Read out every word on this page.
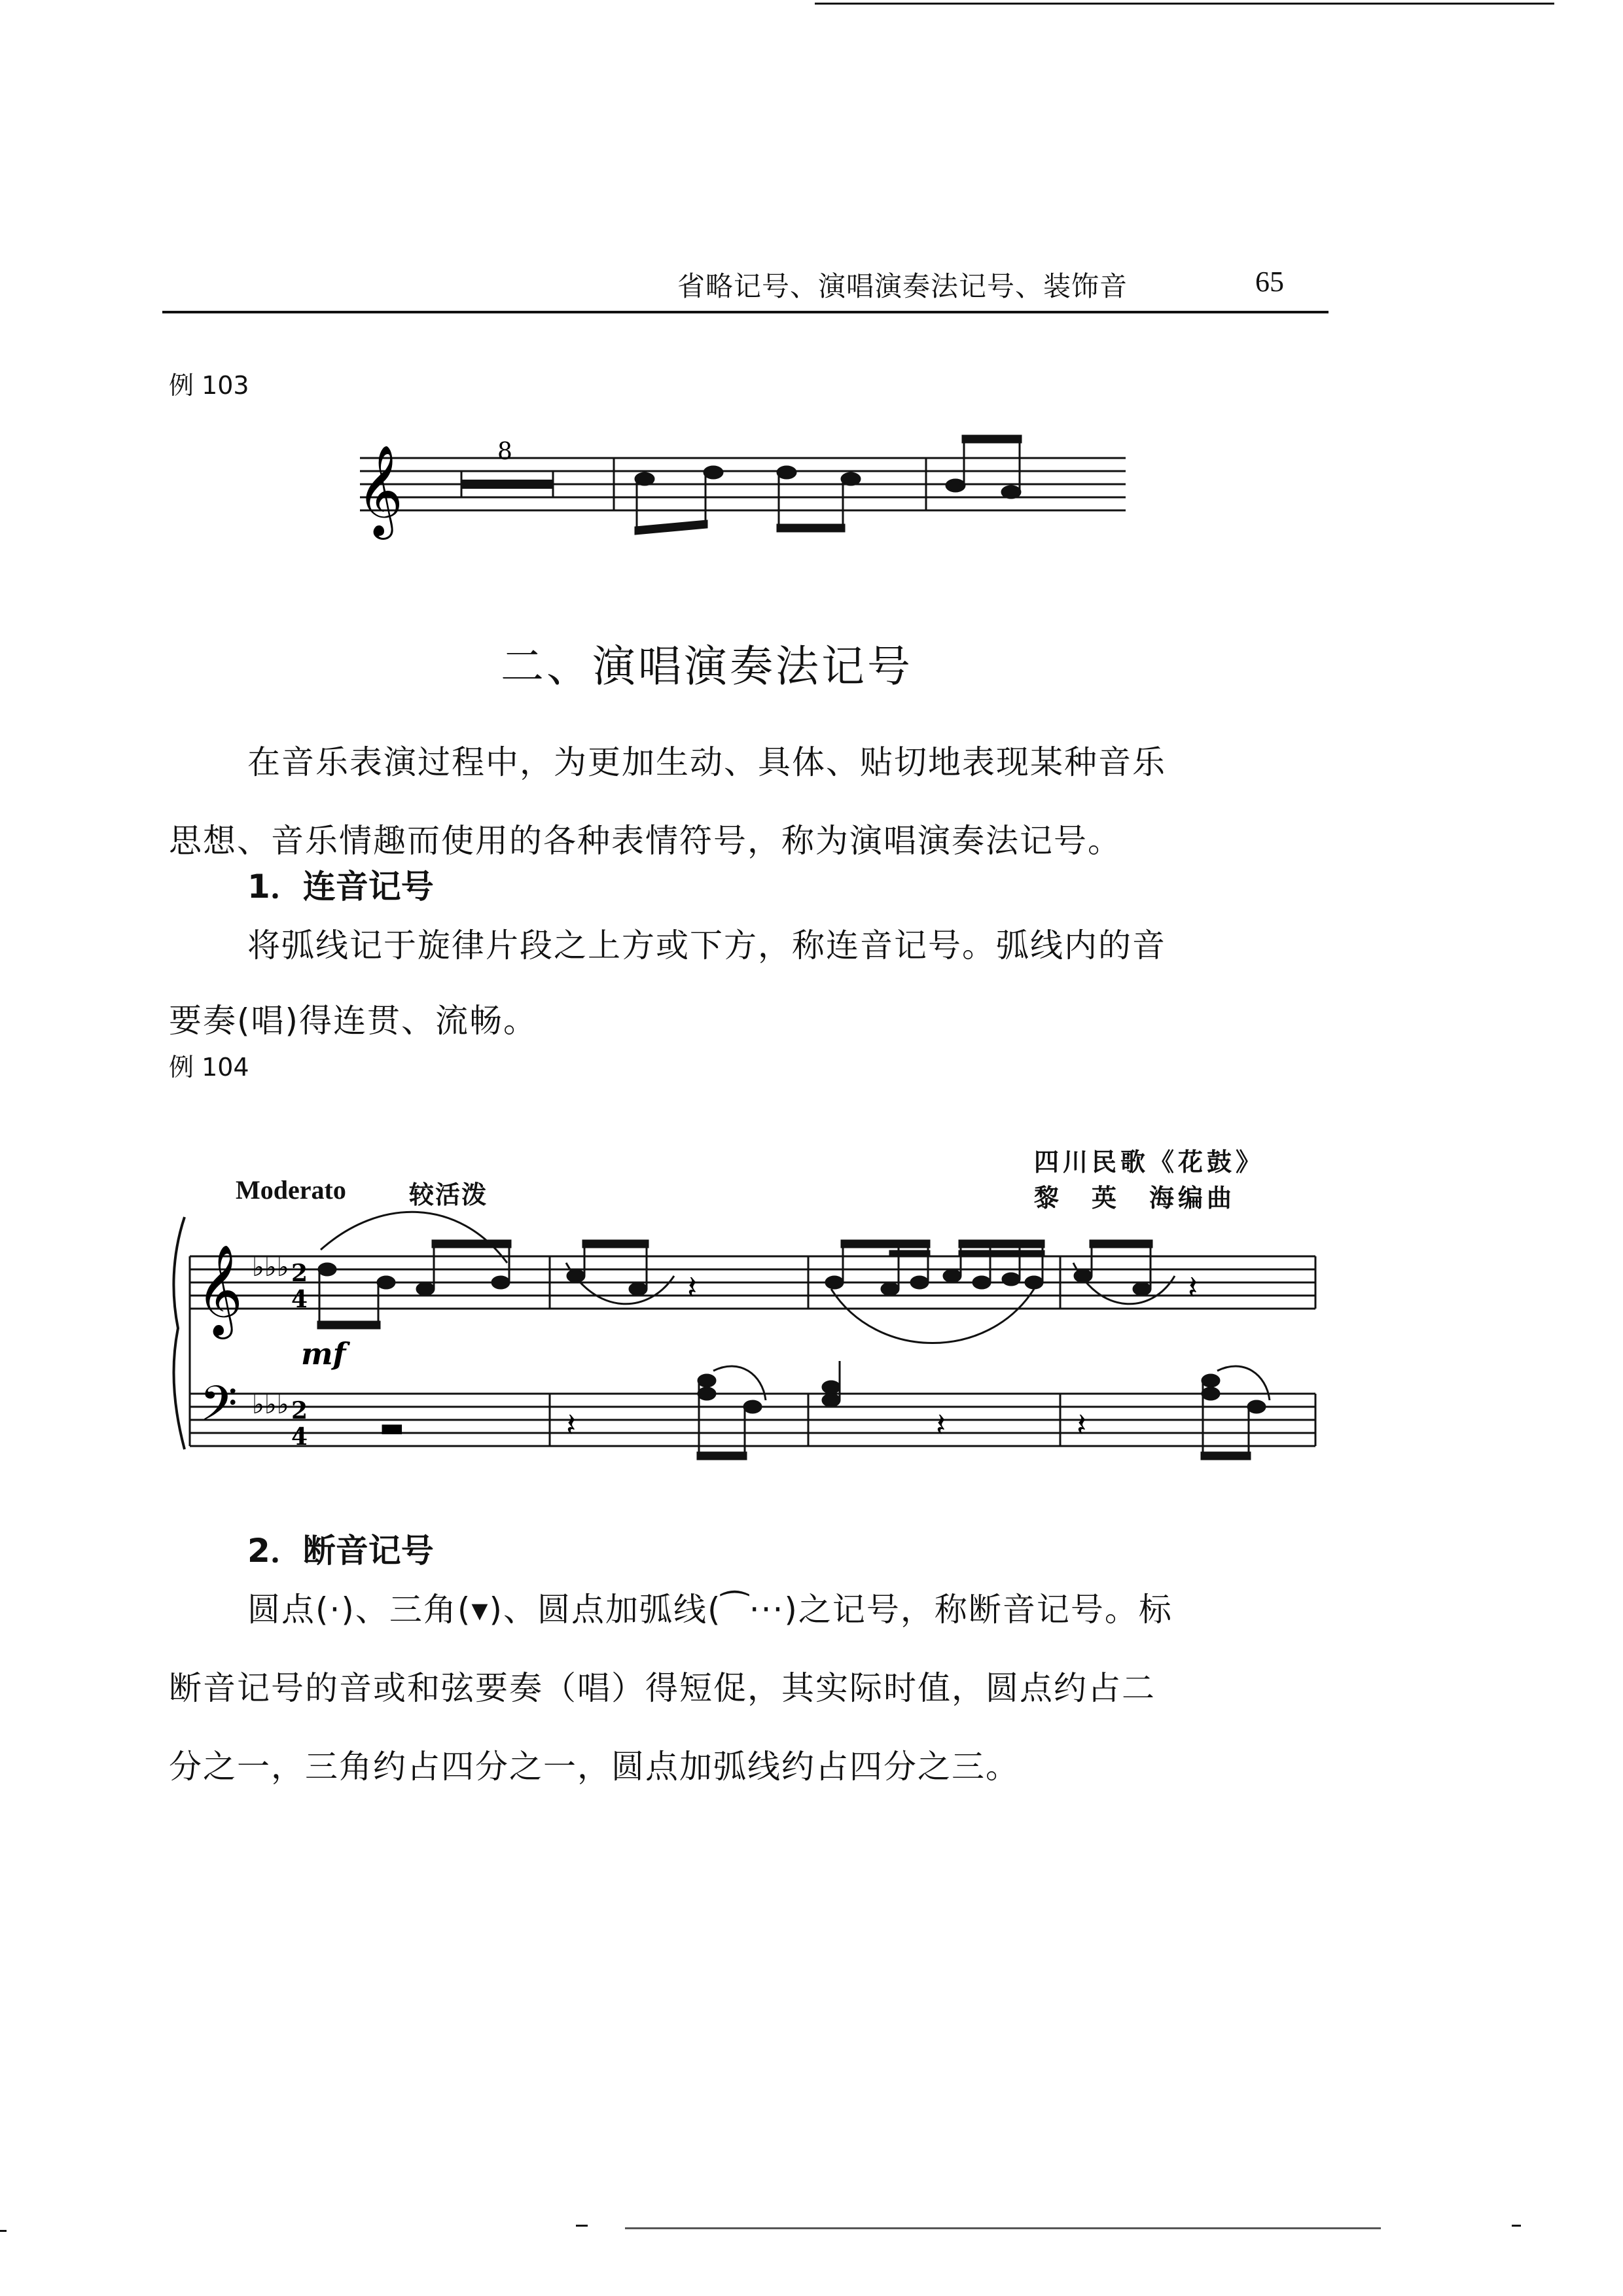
省略记号、演唱演奏法记号、装饰音	65
例 103
𝄞	8
二、演唱演奏法记号
在音乐表演过程中，为更加生动、具体、贴切地表现某种音乐
思想、音乐情趣而使用的各种表情符号，称为演唱演奏法记号。
1．连音记号
将弧线记于旋律片段之上方或下方，称连音记号。弧线内的音
要奏(唱)得连贯、流畅。
例 104
四川民歌《花鼓》
黎　英　海编曲
Moderato	较活泼
𝄞
𝄢
♭♭♭
♭♭♭
2
4
2
4
mf
▬
𝄽
𝄽	𝄽
𝄽
𝄽
2．断音记号
圆点(·)、三角(▾)、圆点加弧线(⁀···)之记号，称断音记号。标
断音记号的音或和弦要奏（唱）得短促，其实际时值，圆点约占二
分之一，三角约占四分之一，圆点加弧线约占四分之三。
